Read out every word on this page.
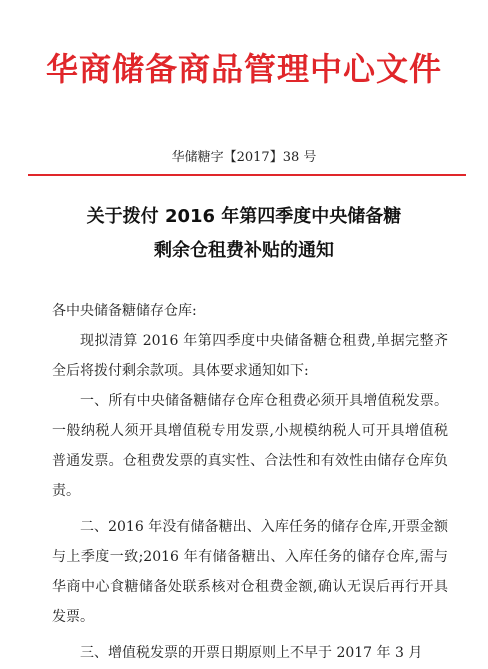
华商储备商品管理中心文件
华储糖字【2017】38 号
关于拨付 2016 年第四季度中央储备糖
剩余仓租费补贴的通知

各中央储备糖储存仓库:

现拟清算 2016 年第四季度中央储备糖仓租费,单据完整齐全后将拨付剩余款项。具体要求通知如下:

一、所有中央储备糖储存仓库仓租费必须开具增值税发票。一般纳税人须开具增值税专用发票,小规模纳税人可开具增值税普通发票。仓租费发票的真实性、合法性和有效性由储存仓库负责。

二、2016 年没有储备糖出、入库任务的储存仓库,开票金额与上季度一致;2016 年有储备糖出、入库任务的储存仓库,需与华商中心食糖储备处联系核对仓租费金额,确认无误后再行开具发票。

三、增值税发票的开票日期原则上不早于 2017 年 3 月
